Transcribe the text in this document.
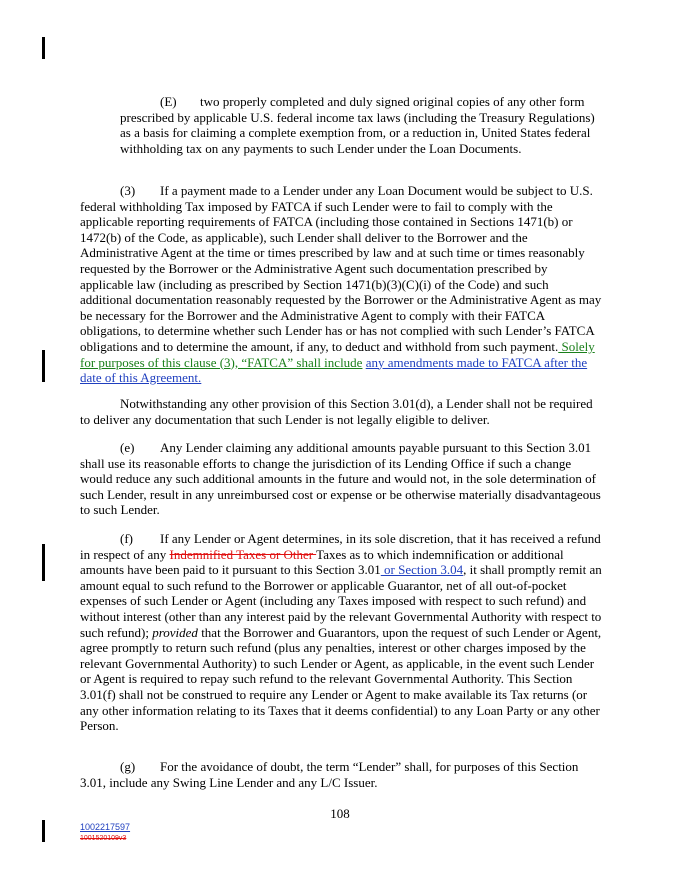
(E) two properly completed and duly signed original copies of any other form prescribed by applicable U.S. federal income tax laws (including the Treasury Regulations) as a basis for claiming a complete exemption from, or a reduction in, United States federal withholding tax on any payments to such Lender under the Loan Documents.

(3) If a payment made to a Lender under any Loan Document would be subject to U.S. federal withholding Tax imposed by FATCA if such Lender were to fail to comply with the applicable reporting requirements of FATCA (including those contained in Sections 1471(b) or 1472(b) of the Code, as applicable), such Lender shall deliver to the Borrower and the Administrative Agent at the time or times prescribed by law and at such time or times reasonably requested by the Borrower or the Administrative Agent such documentation prescribed by applicable law (including as prescribed by Section 1471(b)(3)(C)(i) of the Code) and such additional documentation reasonably requested by the Borrower or the Administrative Agent as may be necessary for the Borrower and the Administrative Agent to comply with their FATCA obligations, to determine whether such Lender has or has not complied with such Lender’s FATCA obligations and to determine the amount, if any, to deduct and withhold from such payment. Solely for purposes of this clause (3), “FATCA” shall include any amendments made to FATCA after the date of this Agreement.

Notwithstanding any other provision of this Section 3.01(d), a Lender shall not be required to deliver any documentation that such Lender is not legally eligible to deliver.

(e) Any Lender claiming any additional amounts payable pursuant to this Section 3.01 shall use its reasonable efforts to change the jurisdiction of its Lending Office if such a change would reduce any such additional amounts in the future and would not, in the sole determination of such Lender, result in any unreimbursed cost or expense or be otherwise materially disadvantageous to such Lender.

(f) If any Lender or Agent determines, in its sole discretion, that it has received a refund in respect of any Indemnified Taxes or Other Taxes as to which indemnification or additional amounts have been paid to it pursuant to this Section 3.01 or Section 3.04, it shall promptly remit an amount equal to such refund to the Borrower or applicable Guarantor, net of all out-of-pocket expenses of such Lender or Agent (including any Taxes imposed with respect to such refund) and without interest (other than any interest paid by the relevant Governmental Authority with respect to such refund); provided that the Borrower and Guarantors, upon the request of such Lender or Agent, agree promptly to return such refund (plus any penalties, interest or other charges imposed by the relevant Governmental Authority) to such Lender or Agent, as applicable, in the event such Lender or Agent is required to repay such refund to the relevant Governmental Authority. This Section 3.01(f) shall not be construed to require any Lender or Agent to make available its Tax returns (or any other information relating to its Taxes that it deems confidential) to any Loan Party or any other Person.

(g) For the avoidance of doubt, the term “Lender” shall, for purposes of this Section 3.01, include any Swing Line Lender and any L/C Issuer.

108
1002217597
1001520109v3
